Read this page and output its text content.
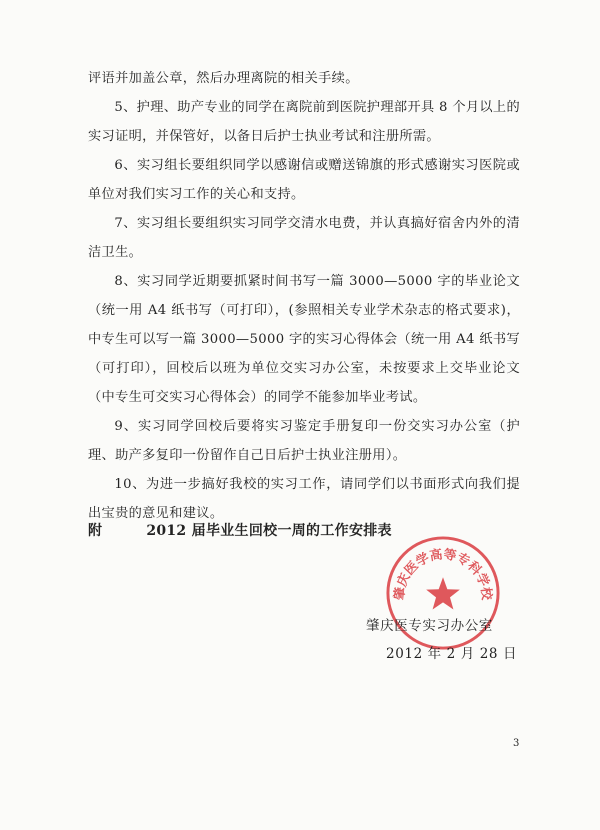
评语并加盖公章，然后办理离院的相关手续。

5、护理、助产专业的同学在离院前到医院护理部开具 8 个月以上的实习证明，并保管好，以备日后护士执业考试和注册所需。

6、实习组长要组织同学以感谢信或赠送锦旗的形式感谢实习医院或单位对我们实习工作的关心和支持。

7、实习组长要组织实习同学交清水电费，并认真搞好宿舍内外的清洁卫生。

8、实习同学近期要抓紧时间书写一篇 3000—5000 字的毕业论文（统一用 A4 纸书写（可打印），(参照相关专业学术杂志的格式要求)，中专生可以写一篇 3000—5000 字的实习心得体会（统一用 A4 纸书写（可打印），回校后以班为单位交实习办公室，未按要求上交毕业论文（中专生可交实习心得体会）的同学不能参加毕业考试。

9、实习同学回校后要将实习鉴定手册复印一份交实习办公室（护理、助产多复印一份留作自己日后护士执业注册用）。

10、为进一步搞好我校的实习工作，请同学们以书面形式向我们提出宝贵的意见和建议。

附	2012 届毕业生回校一周的工作安排表
肇庆医学高等专科学校
肇庆医专实习办公室
2012 年 2 月 28 日
3
